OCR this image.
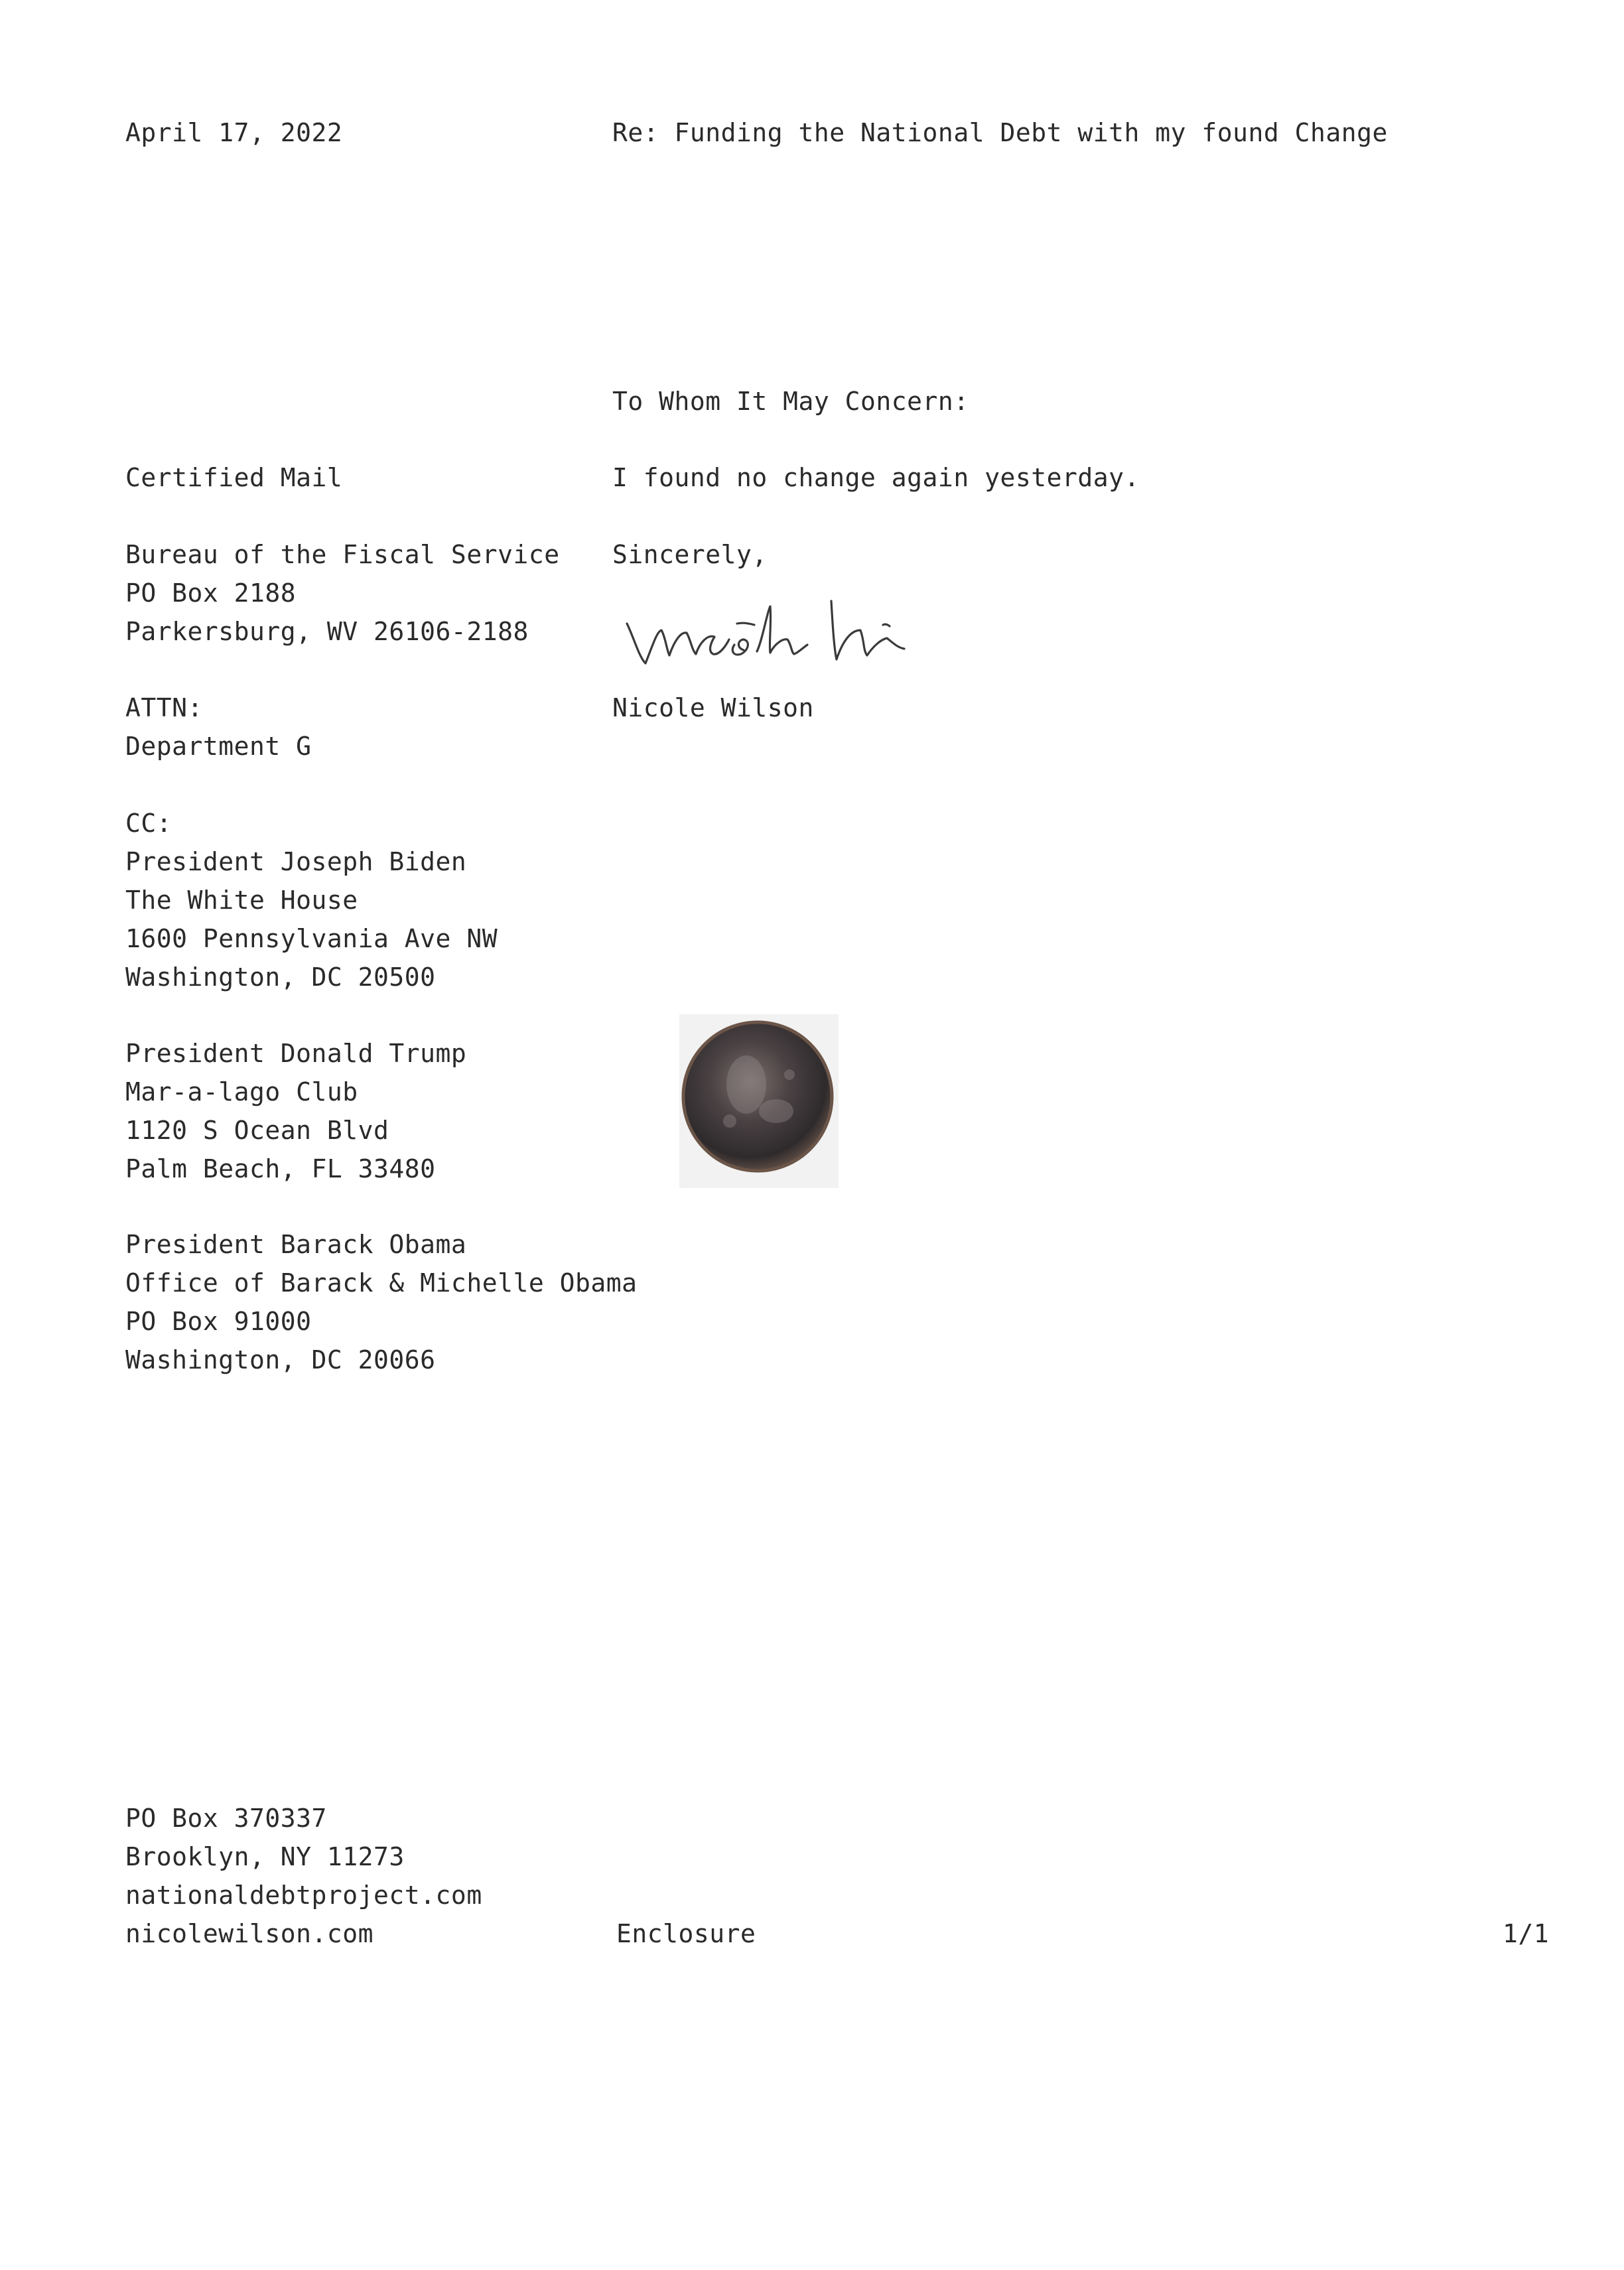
April 17, 2022	Re: Funding the National Debt with my found Change
To Whom It May Concern:
I found no change again yesterday.
Sincerely,
Nicole Wilson
Certified Mail
Bureau of the Fiscal Service
PO Box 2188
Parkersburg, WV 26106-2188
ATTN:
Department G
CC:
President Joseph Biden
The White House
1600 Pennsylvania Ave NW
Washington, DC 20500
President Donald Trump
Mar-a-lago Club
1120 S Ocean Blvd
Palm Beach, FL 33480
President Barack Obama
Office of Barack & Michelle Obama
PO Box 91000
Washington, DC 20066
PO Box 370337
Brooklyn, NY 11273
nationaldebtproject.com
nicolewilson.com	Enclosure	1/1
